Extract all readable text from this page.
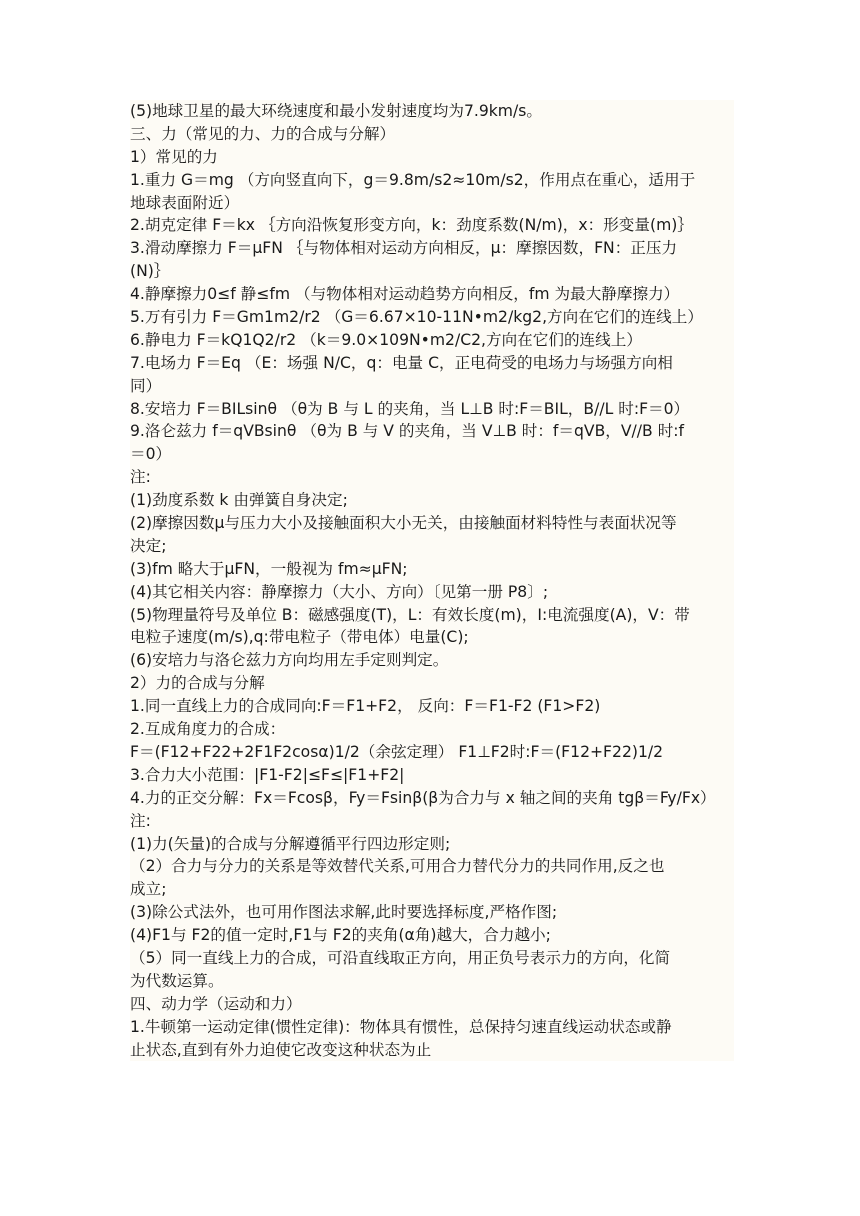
(5)地球卫星的最大环绕速度和最小发射速度均为7.9km/s。
三、力（常见的力、力的合成与分解）
1）常见的力
1.重力 G＝mg （方向竖直向下，g＝9.8m/s2≈10m/s2，作用点在重心，适用于
地球表面附近）
2.胡克定律 F＝kx ｛方向沿恢复形变方向，k：劲度系数(N/m)，x：形变量(m)｝
3.滑动摩擦力 F＝μFN ｛与物体相对运动方向相反，μ：摩擦因数，FN：正压力
(N)｝
4.静摩擦力0≤f 静≤fm （与物体相对运动趋势方向相反，fm 为最大静摩擦力）
5.万有引力 F＝Gm1m2/r2 （G＝6.67×10-11N•m2/kg2,方向在它们的连线上）
6.静电力 F＝kQ1Q2/r2 （k＝9.0×109N•m2/C2,方向在它们的连线上）
7.电场力 F＝Eq （E：场强 N/C，q：电量 C，正电荷受的电场力与场强方向相
同）
8.安培力 F＝BILsinθ （θ为 B 与 L 的夹角，当 L⊥B 时:F＝BIL，B//L 时:F＝0）
9.洛仑兹力 f＝qVBsinθ （θ为 B 与 V 的夹角，当 V⊥B 时：f＝qVB，V//B 时:f
＝0）
注:
(1)劲度系数 k 由弹簧自身决定;
(2)摩擦因数μ与压力大小及接触面积大小无关，由接触面材料特性与表面状况等
决定;
(3)fm 略大于μFN，一般视为 fm≈μFN;
(4)其它相关内容：静摩擦力（大小、方向）〔见第一册 P8〕;
(5)物理量符号及单位 B：磁感强度(T)，L：有效长度(m)，I:电流强度(A)，V：带
电粒子速度(m/s),q:带电粒子（带电体）电量(C);
(6)安培力与洛仑兹力方向均用左手定则判定。
2）力的合成与分解
1.同一直线上力的合成同向:F＝F1+F2， 反向：F＝F1-F2 (F1>F2)
2.互成角度力的合成：
F＝(F12+F22+2F1F2cosα)1/2（余弦定理） F1⊥F2时:F＝(F12+F22)1/2
3.合力大小范围：|F1-F2|≤F≤|F1+F2|
4.力的正交分解：Fx＝Fcosβ，Fy＝Fsinβ(β为合力与 x 轴之间的夹角 tgβ＝Fy/Fx）
注:
(1)力(矢量)的合成与分解遵循平行四边形定则;
（2）合力与分力的关系是等效替代关系,可用合力替代分力的共同作用,反之也
成立;
(3)除公式法外，也可用作图法求解,此时要选择标度,严格作图;
(4)F1与 F2的值一定时,F1与 F2的夹角(α角)越大，合力越小;
（5）同一直线上力的合成，可沿直线取正方向，用正负号表示力的方向，化简
为代数运算。
四、动力学（运动和力）
1.牛顿第一运动定律(惯性定律)：物体具有惯性，总保持匀速直线运动状态或静
止状态,直到有外力迫使它改变这种状态为止
